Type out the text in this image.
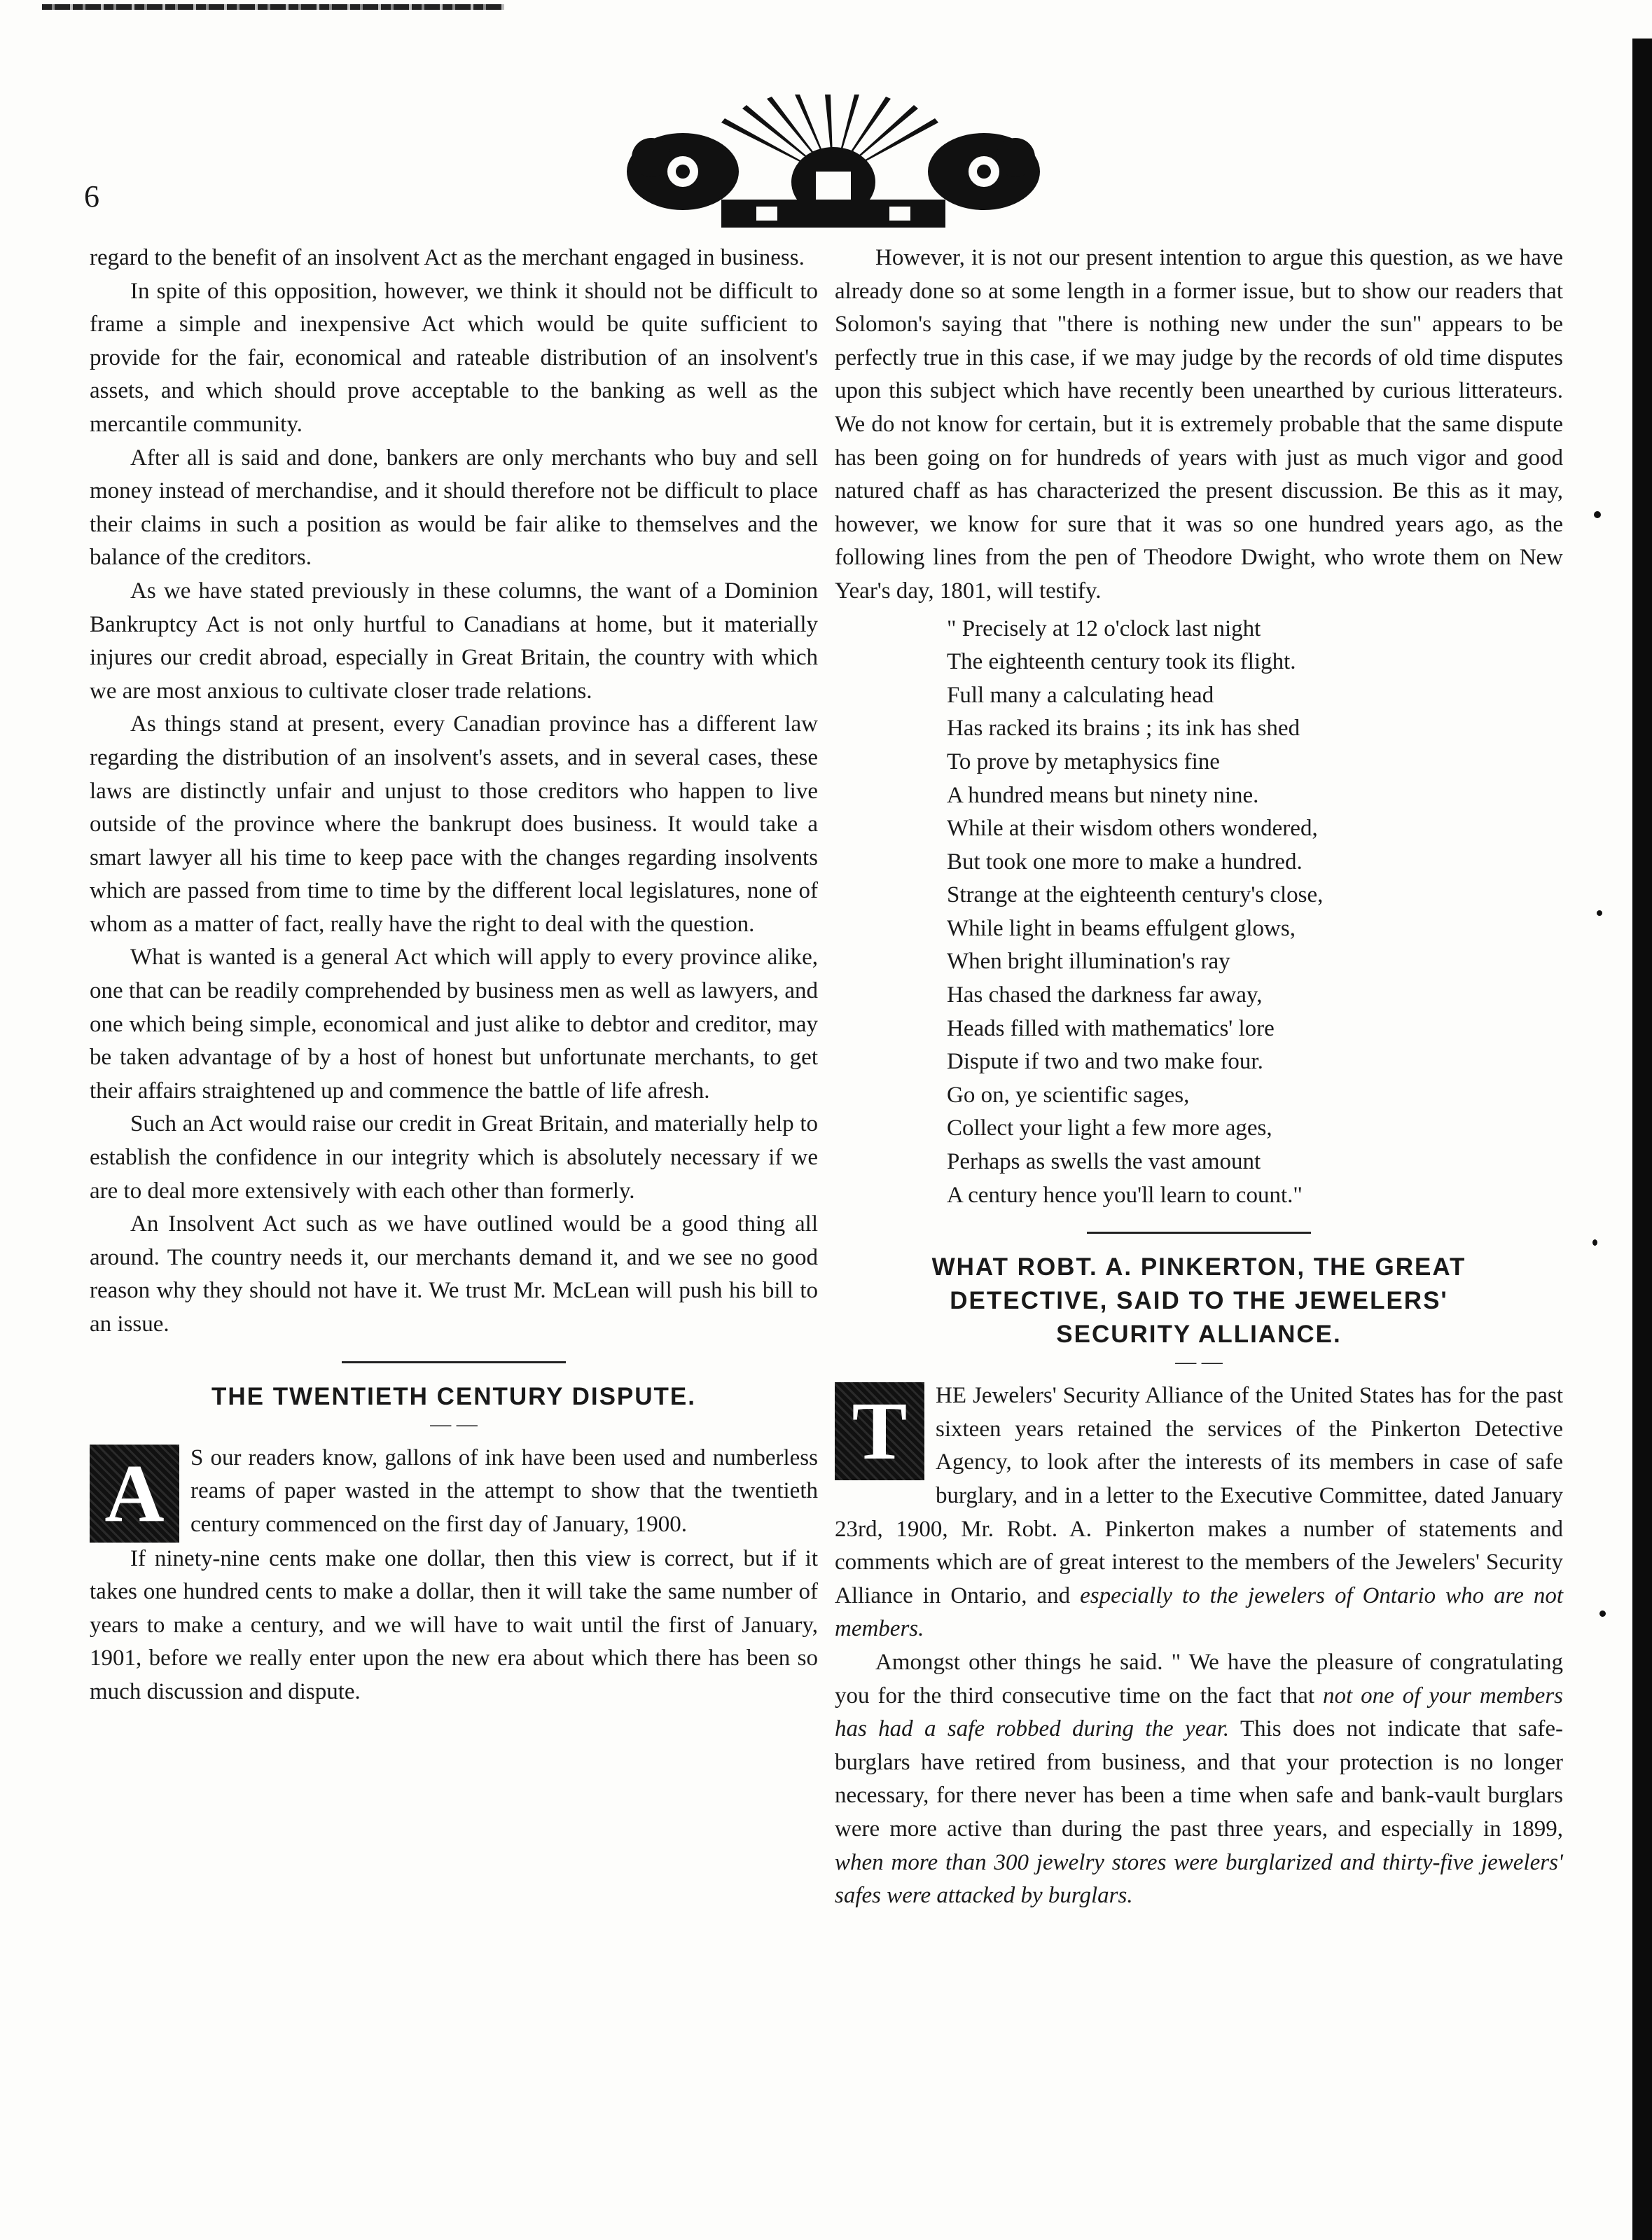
6

regard to the benefit of an insolvent Act as the merchant engaged in business.

In spite of this opposition, however, we think it should not be difficult to frame a simple and inexpensive Act which would be quite sufficient to provide for the fair, economical and rateable distribution of an insolvent's assets, and which should prove acceptable to the banking as well as the mercantile community.

After all is said and done, bankers are only merchants who buy and sell money instead of merchandise, and it should therefore not be difficult to place their claims in such a position as would be fair alike to themselves and the balance of the creditors.

As we have stated previously in these columns, the want of a Dominion Bankruptcy Act is not only hurtful to Canadians at home, but it materially injures our credit abroad, especially in Great Britain, the country with which we are most anxious to cultivate closer trade relations.

As things stand at present, every Canadian province has a different law regarding the distribution of an insolvent's assets, and in several cases, these laws are distinctly unfair and unjust to those creditors who happen to live outside of the province where the bankrupt does business. It would take a smart lawyer all his time to keep pace with the changes regarding insolvents which are passed from time to time by the different local legislatures, none of whom as a matter of fact, really have the right to deal with the question.

What is wanted is a general Act which will apply to every province alike, one that can be readily comprehended by business men as well as lawyers, and one which being simple, economical and just alike to debtor and creditor, may be taken advantage of by a host of honest but unfortunate merchants, to get their affairs straightened up and commence the battle of life afresh.

Such an Act would raise our credit in Great Britain, and materially help to establish the confidence in our integrity which is absolutely necessary if we are to deal more extensively with each other than formerly.

An Insolvent Act such as we have outlined would be a good thing all around. The country needs it, our merchants demand it, and we see no good reason why they should not have it. We trust Mr. McLean will push his bill to an issue.

THE TWENTIETH CENTURY DISPUTE.
— —

A	S our readers know, gallons of ink have been used and numberless reams of paper wasted in the attempt to show that the twentieth century commenced on the first day of January, 1900.

If ninety-nine cents make one dollar, then this view is correct, but if it takes one hundred cents to make a dollar, then it will take the same number of years to make a century, and we will have to wait until the first of January, 1901, before we really enter upon the new era about which there has been so much discussion and dispute.

However, it is not our present intention to argue this question, as we have already done so at some length in a former issue, but to show our readers that Solomon's saying that "there is nothing new under the sun" appears to be perfectly true in this case, if we may judge by the records of old time disputes upon this subject which have recently been unearthed by curious litterateurs. We do not know for certain, but it is extremely probable that the same dispute has been going on for hundreds of years with just as much vigor and good natured chaff as has characterized the present discussion. Be this as it may, however, we know for sure that it was so one hundred years ago, as the following lines from the pen of Theodore Dwight, who wrote them on New Year's day, 1801, will testify.

" Precisely at 12 o'clock last night
The eighteenth century took its flight.
Full many a calculating head
Has racked its brains ; its ink has shed
To prove by metaphysics fine
A hundred means but ninety nine.
While at their wisdom others wondered,
But took one more to make a hundred.
Strange at the eighteenth century's close,
While light in beams effulgent glows,
When bright illumination's ray
Has chased the darkness far away,
Heads filled with mathematics' lore
Dispute if two and two make four.
Go on, ye scientific sages,
Collect your light a few more ages,
Perhaps as swells the vast amount
A century hence you'll learn to count."
WHAT ROBT. A. PINKERTON, THE GREAT
DETECTIVE, SAID TO THE JEWELERS'
SECURITY ALLIANCE.
— —

T	HE Jewelers' Security Alliance of the United States has for the past sixteen years retained the services of the Pinkerton Detective Agency, to look after the interests of its members in case of safe burglary, and in a letter to the Executive Committee, dated January 23rd, 1900, Mr. Robt. A. Pinkerton makes a number of statements and comments which are of great interest to the members of the Jewelers' Security Alliance in Ontario, and especially to the jewelers of Ontario who are not members.

Amongst other things he said. " We have the pleasure of congratulating you for the third consecutive time on the fact that not one of your members has had a safe robbed during the year. This does not indicate that safe-burglars have retired from business, and that your protection is no longer necessary, for there never has been a time when safe and bank-vault burglars were more active than during the past three years, and especially in 1899, when more than 300 jewelry stores were burglarized and thirty-five jewelers' safes were attacked by burglars.
